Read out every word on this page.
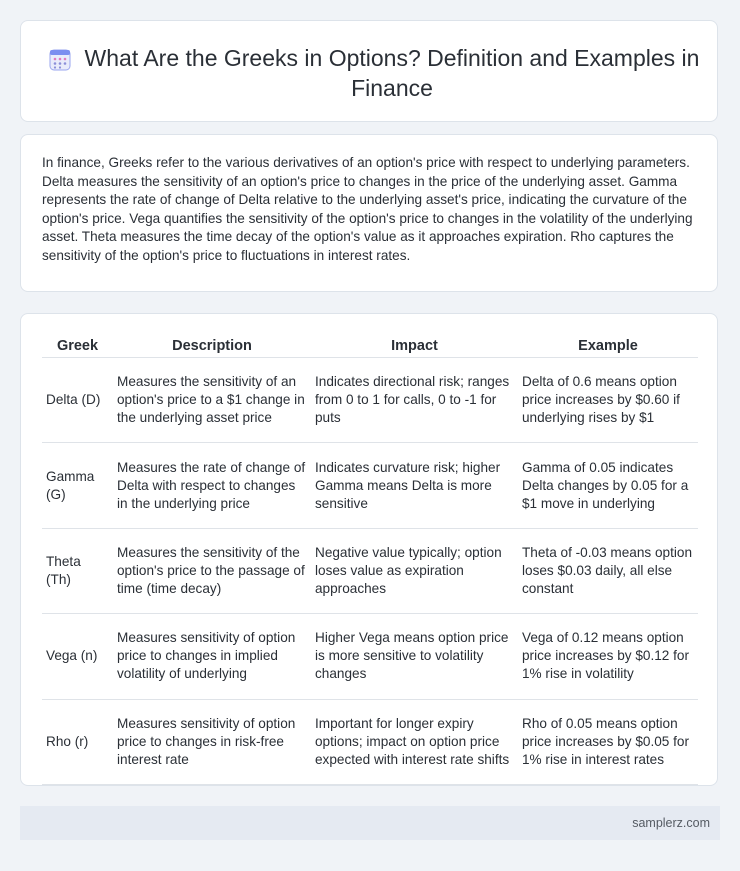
What Are the Greeks in Options? Definition and Examples in Finance

In finance, Greeks refer to the various derivatives of an option's price with respect to underlying parameters. Delta measures the sensitivity of an option's price to changes in the price of the underlying asset. Gamma represents the rate of change of Delta relative to the underlying asset's price, indicating the curvature of the option's price. Vega quantifies the sensitivity of the option's price to changes in the volatility of the underlying asset. Theta measures the time decay of the option's value as it approaches expiration. Rho captures the sensitivity of the option's price to fluctuations in interest rates.

Greek	Description	Impact	Example
Delta (D)	Measures the sensitivity of an option's price to a $1 change in the underlying asset price	Indicates directional risk; ranges from 0 to 1 for calls, 0 to -1 for puts	Delta of 0.6 means option price increases by $0.60 if underlying rises by $1
Gamma (G)	Measures the rate of change of Delta with respect to changes in the underlying price	Indicates curvature risk; higher Gamma means Delta is more sensitive	Gamma of 0.05 indicates Delta changes by 0.05 for a $1 move in underlying
Theta (Th)	Measures the sensitivity of the option's price to the passage of time (time decay)	Negative value typically; option loses value as expiration approaches	Theta of -0.03 means option loses $0.03 daily, all else constant
Vega (n)	Measures sensitivity of option price to changes in implied volatility of underlying	Higher Vega means option price is more sensitive to volatility changes	Vega of 0.12 means option price increases by $0.12 for 1% rise in volatility
Rho (r)	Measures sensitivity of option price to changes in risk-free interest rate	Important for longer expiry options; impact on option price expected with interest rate shifts	Rho of 0.05 means option price increases by $0.05 for 1% rise in interest rates
samplerz.com
